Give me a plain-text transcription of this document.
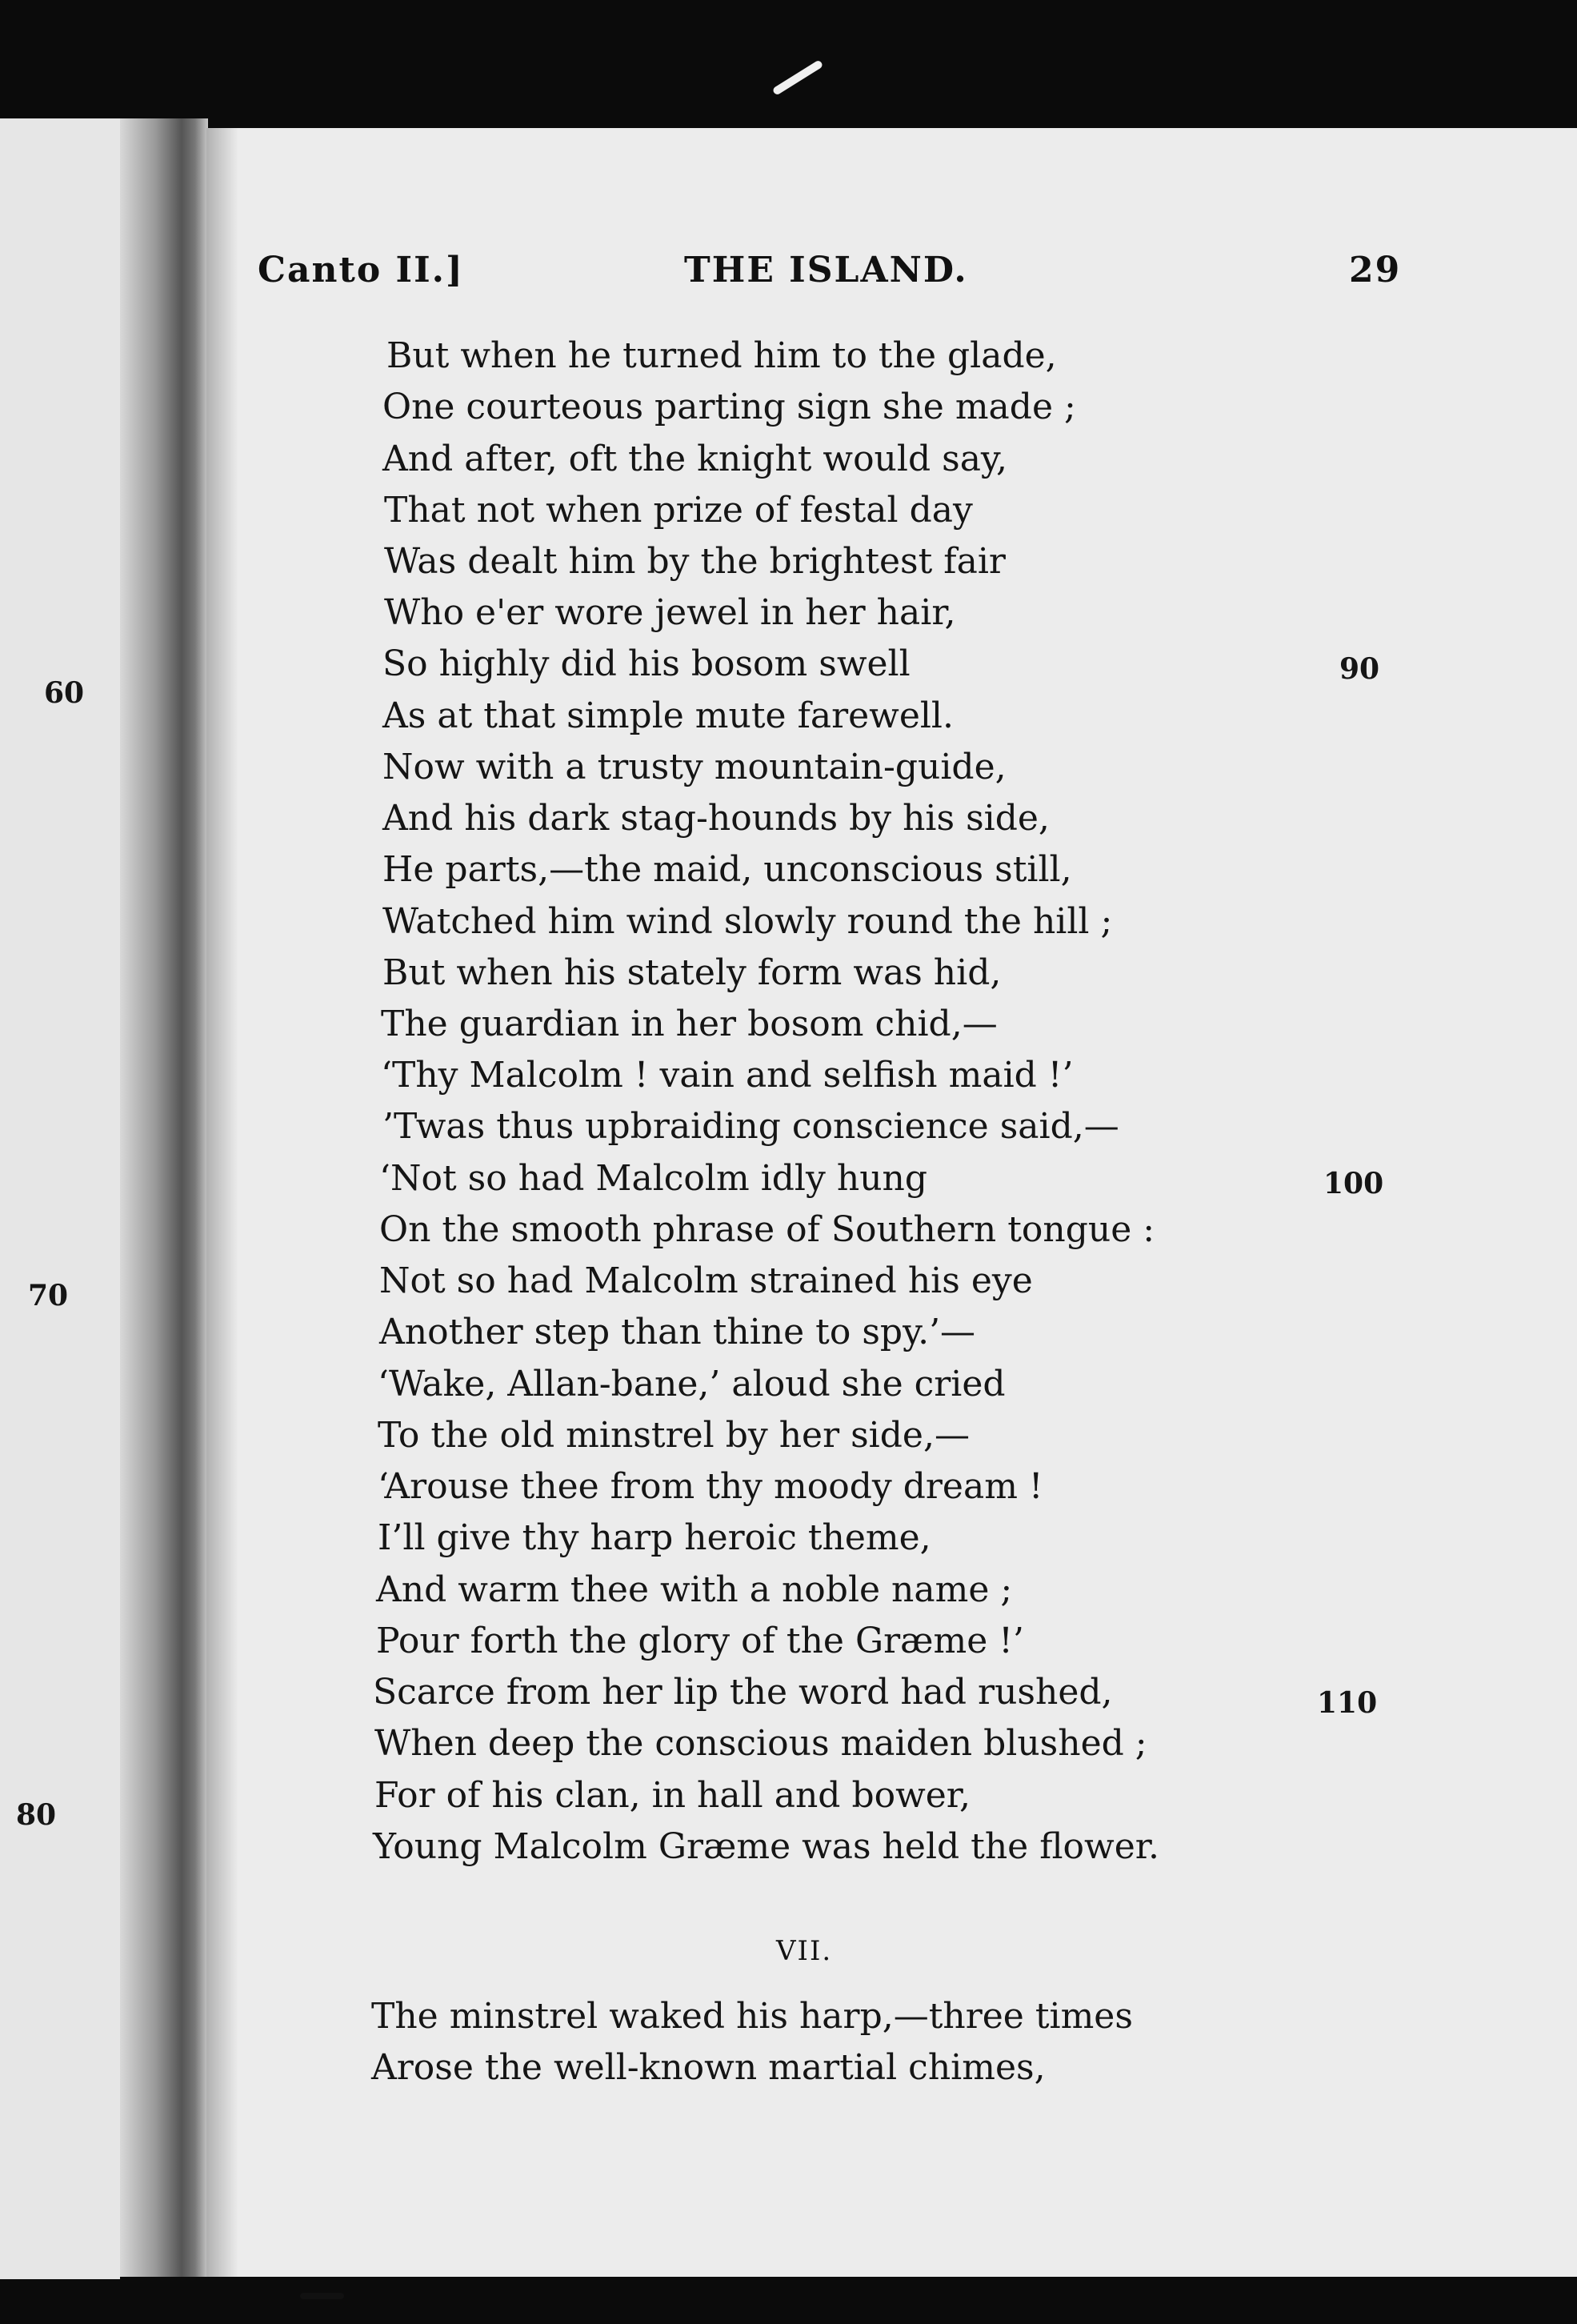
Canto II.]	THE ISLAND.	29
But when he turned him to the glade,
One courteous parting sign she made ;
And after, oft the knight would say,
That not when prize of festal day
Was dealt him by the brightest fair
Who e'er wore jewel in her hair,
So highly did his bosom swell
As at that simple mute farewell.
Now with a trusty mountain-guide,
And his dark stag-hounds by his side,
He parts,—the maid, unconscious still,
Watched him wind slowly round the hill ;
But when his stately form was hid,
The guardian in her bosom chid,—
‘Thy Malcolm ! vain and selfish maid !’
’Twas thus upbraiding conscience said,—
‘Not so had Malcolm idly hung
On the smooth phrase of Southern tongue :
Not so had Malcolm strained his eye
Another step than thine to spy.’—
‘Wake, Allan-bane,’ aloud she cried
To the old minstrel by her side,—
‘Arouse thee from thy moody dream !
I’ll give thy harp heroic theme,
And warm thee with a noble name ;
Pour forth the glory of the Græme !’
Scarce from her lip the word had rushed,
When deep the conscious maiden blushed ;
For of his clan, in hall and bower,
Young Malcolm Græme was held the flower.
90
100
110
60
70
80
VII.
The minstrel waked his harp,—three times
Arose the well-known martial chimes,
